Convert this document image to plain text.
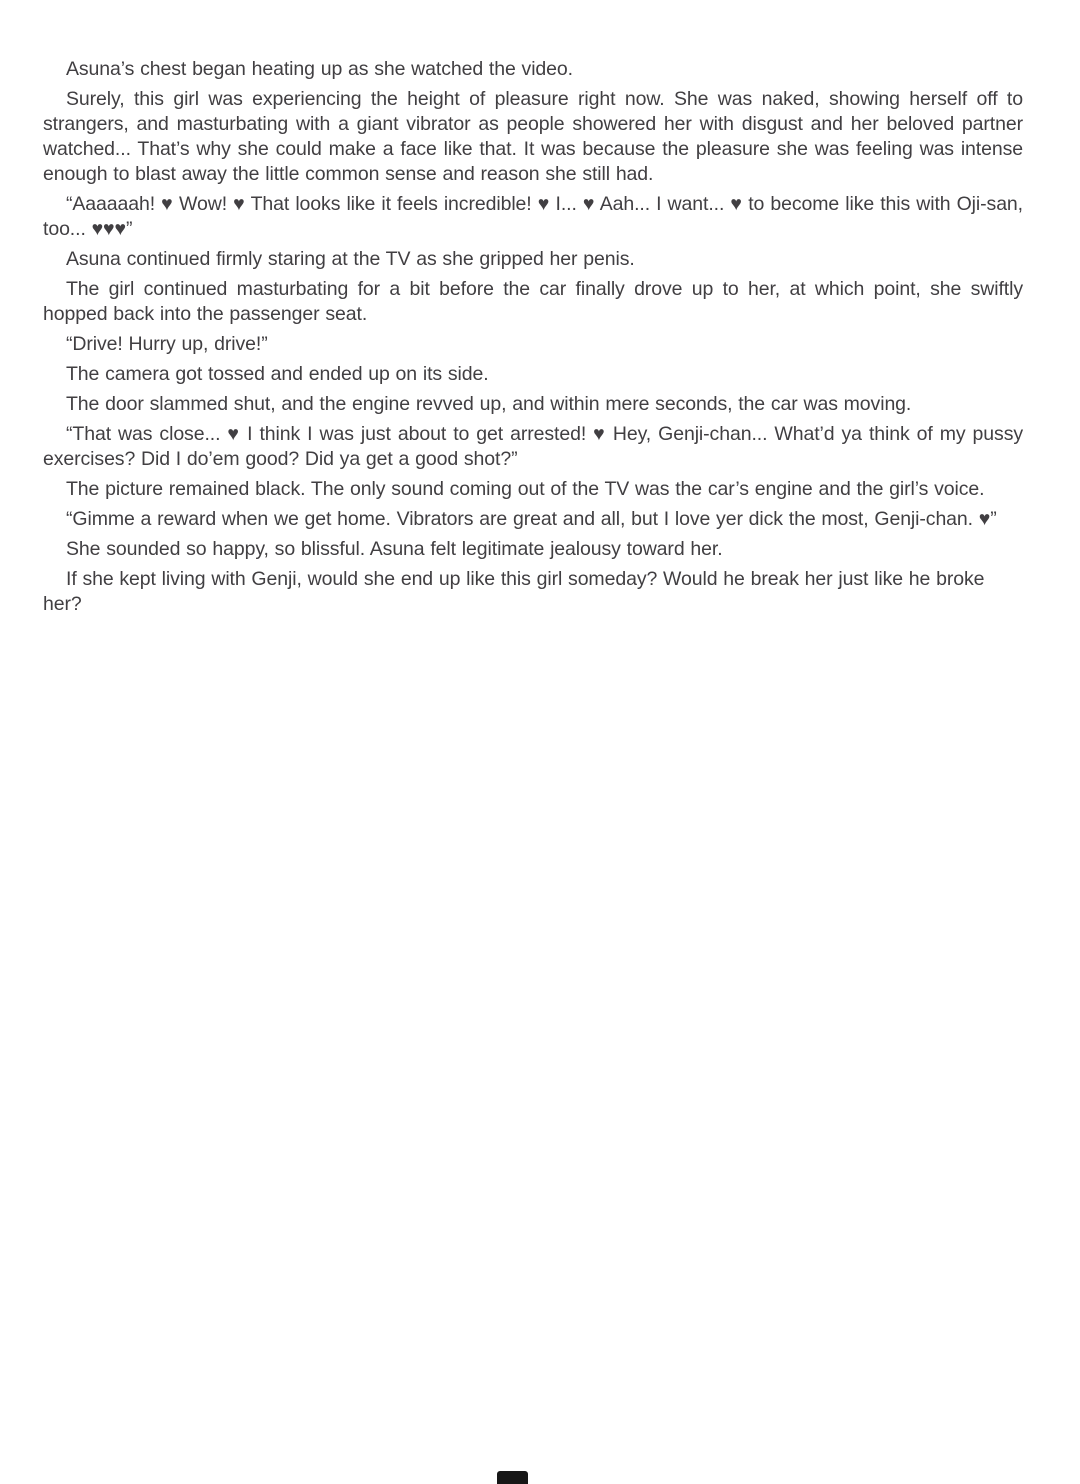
Asuna’s chest began heating up as she watched the video.

Surely, this girl was experiencing the height of pleasure right now. She was naked, showing herself off to strangers, and masturbating with a giant vibrator as people showered her with disgust and her beloved partner watched... That’s why she could make a face like that. It was because the pleasure she was feeling was intense enough to blast away the little common sense and reason she still had.

“Aaaaaah! ♥ Wow! ♥ That looks like it feels incredible! ♥ I... ♥ Aah... I want... ♥ to become like this with Oji-san, too... ♥♥♥”

Asuna continued firmly staring at the TV as she gripped her penis.

The girl continued masturbating for a bit before the car finally drove up to her, at which point, she swiftly hopped back into the passenger seat.

“Drive! Hurry up, drive!”

The camera got tossed and ended up on its side.

The door slammed shut, and the engine revved up, and within mere seconds, the car was moving.

“That was close... ♥ I think I was just about to get arrested! ♥ Hey, Genji-chan... What’d ya think of my pussy exercises? Did I do’em good? Did ya get a good shot?”

The picture remained black. The only sound coming out of the TV was the car’s engine and the girl’s voice.

“Gimme a reward when we get home. Vibrators are great and all, but I love yer dick the most, Genji-chan. ♥”

She sounded so happy, so blissful. Asuna felt legitimate jealousy toward her.

If she kept living with Genji, would she end up like this girl someday? Would he break her just like he broke her?
